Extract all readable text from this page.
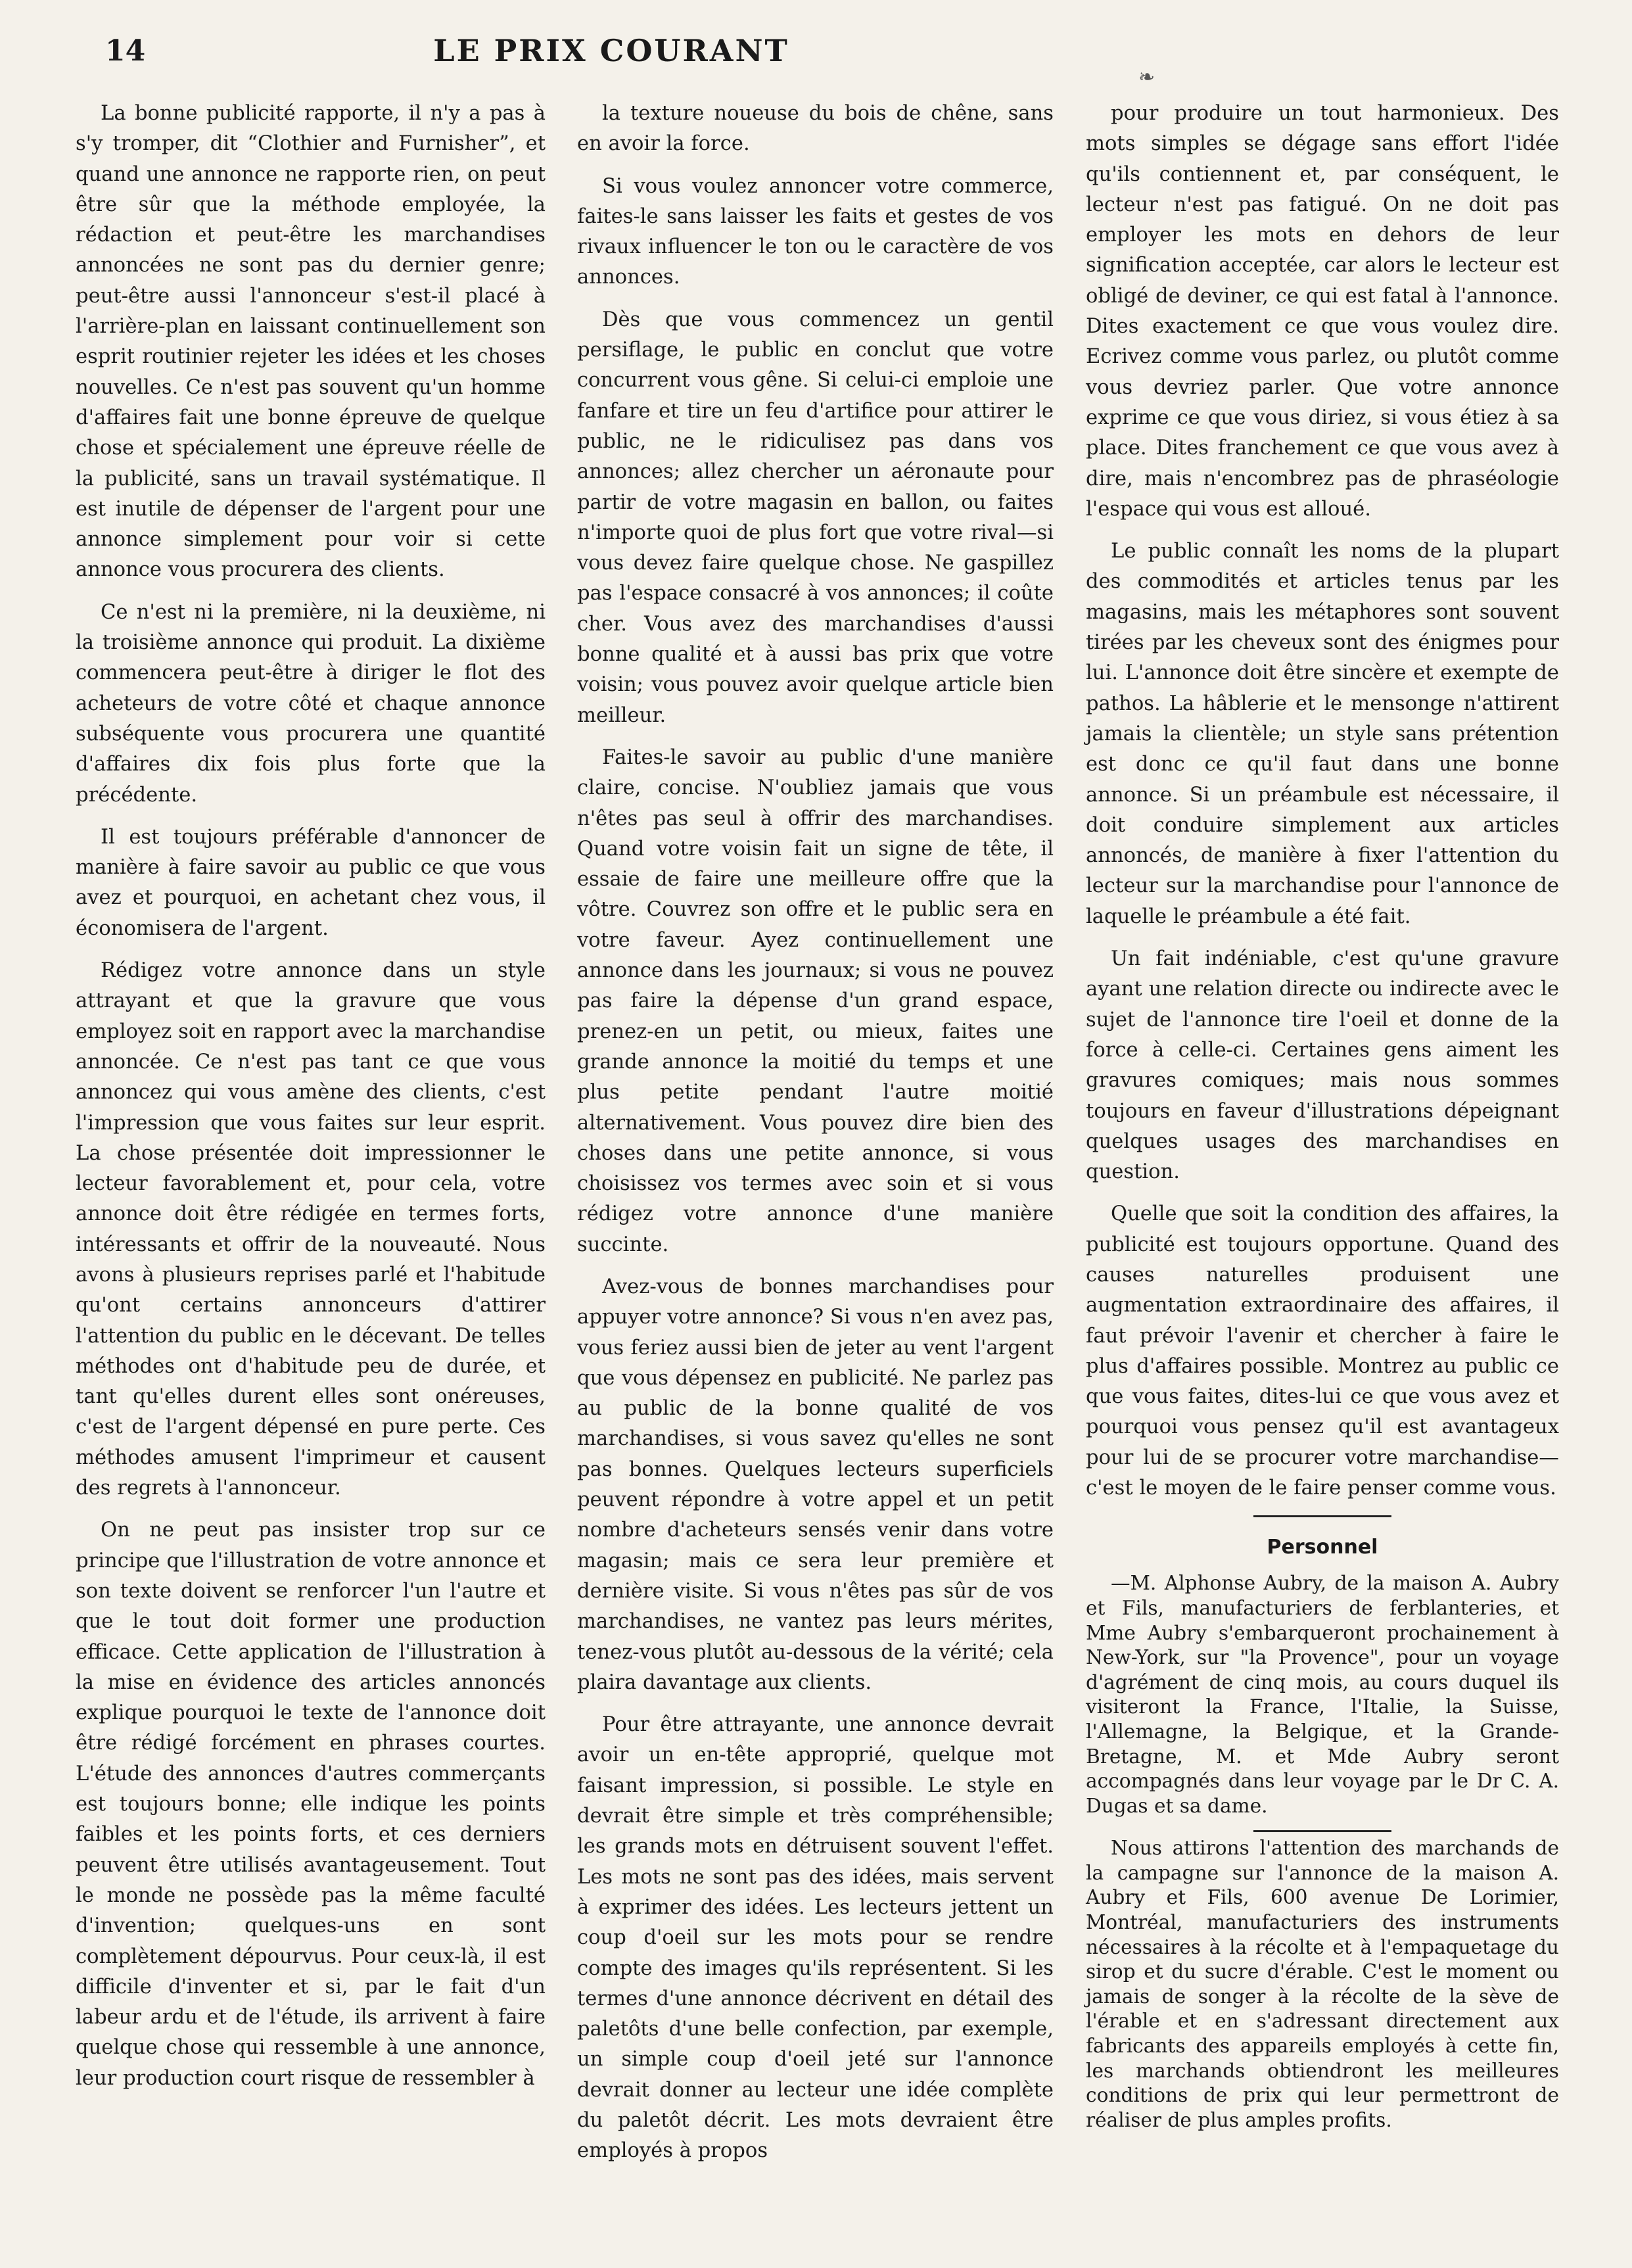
14	LE PRIX COURANT
❧

La bonne publicité rapporte, il n'y a pas à s'y tromper, dit “Clothier and Furnisher”, et quand une annonce ne rapporte rien, on peut être sûr que la méthode employée, la rédaction et peut-être les marchandises annoncées ne sont pas du dernier genre; peut-être aussi l'annonceur s'est-il placé à l'arrière-plan en laissant continuellement son esprit routinier rejeter les idées et les choses nouvelles. Ce n'est pas souvent qu'un homme d'affaires fait une bonne épreuve de quelque chose et spécialement une épreuve réelle de la publicité, sans un travail systématique. Il est inutile de dépenser de l'argent pour une annonce simplement pour voir si cette annonce vous procurera des clients.

Ce n'est ni la première, ni la deuxième, ni la troisième annonce qui produit. La dixième commencera peut-être à diriger le flot des acheteurs de votre côté et chaque annonce subséquente vous procurera une quantité d'affaires dix fois plus forte que la précédente.

Il est toujours préférable d'annoncer de manière à faire savoir au public ce que vous avez et pourquoi, en achetant chez vous, il économisera de l'argent.

Rédigez votre annonce dans un style attrayant et que la gravure que vous employez soit en rapport avec la marchandise annoncée. Ce n'est pas tant ce que vous annoncez qui vous amène des clients, c'est l'impression que vous faites sur leur esprit. La chose présentée doit impressionner le lecteur favorablement et, pour cela, votre annonce doit être rédigée en termes forts, intéressants et offrir de la nouveauté. Nous avons à plusieurs reprises parlé et l'habitude qu'ont certains annonceurs d'attirer l'attention du public en le décevant. De telles méthodes ont d'habitude peu de durée, et tant qu'elles durent elles sont onéreuses, c'est de l'argent dépensé en pure perte. Ces méthodes amusent l'imprimeur et causent des regrets à l'annonceur.

On ne peut pas insister trop sur ce principe que l'illustration de votre annonce et son texte doivent se renforcer l'un l'autre et que le tout doit former une production efficace. Cette application de l'illustration à la mise en évidence des articles annoncés explique pourquoi le texte de l'annonce doit être rédigé forcément en phrases courtes. L'étude des annonces d'autres commerçants est toujours bonne; elle indique les points faibles et les points forts, et ces derniers peuvent être utilisés avantageusement. Tout le monde ne possède pas la même faculté d'invention; quelques-uns en sont complètement dépourvus. Pour ceux-là, il est difficile d'inventer et si, par le fait d'un labeur ardu et de l'étude, ils arrivent à faire quelque chose qui ressemble à une annonce, leur production court risque de ressembler à

la texture noueuse du bois de chêne, sans en avoir la force.

Si vous voulez annoncer votre commerce, faites-le sans laisser les faits et gestes de vos rivaux influencer le ton ou le caractère de vos annonces.

Dès que vous commencez un gentil persiflage, le public en conclut que votre concurrent vous gêne. Si celui-ci emploie une fanfare et tire un feu d'artifice pour attirer le public, ne le ridiculisez pas dans vos annonces; allez chercher un aéronaute pour partir de votre magasin en ballon, ou faites n'importe quoi de plus fort que votre rival—si vous devez faire quelque chose. Ne gaspillez pas l'espace consacré à vos annonces; il coûte cher. Vous avez des marchandises d'aussi bonne qualité et à aussi bas prix que votre voisin; vous pouvez avoir quelque article bien meilleur.

Faites-le savoir au public d'une manière claire, concise. N'oubliez jamais que vous n'êtes pas seul à offrir des marchandises. Quand votre voisin fait un signe de tête, il essaie de faire une meilleure offre que la vôtre. Couvrez son offre et le public sera en votre faveur. Ayez continuellement une annonce dans les journaux; si vous ne pouvez pas faire la dépense d'un grand espace, prenez-en un petit, ou mieux, faites une grande annonce la moitié du temps et une plus petite pendant l'autre moitié alternativement. Vous pouvez dire bien des choses dans une petite annonce, si vous choisissez vos termes avec soin et si vous rédigez votre annonce d'une manière succinte.

Avez-vous de bonnes marchandises pour appuyer votre annonce? Si vous n'en avez pas, vous feriez aussi bien de jeter au vent l'argent que vous dépensez en publicité. Ne parlez pas au public de la bonne qualité de vos marchandises, si vous savez qu'elles ne sont pas bonnes. Quelques lecteurs superficiels peuvent répondre à votre appel et un petit nombre d'acheteurs sensés venir dans votre magasin; mais ce sera leur première et dernière visite. Si vous n'êtes pas sûr de vos marchandises, ne vantez pas leurs mérites, tenez-vous plutôt au-dessous de la vérité; cela plaira davantage aux clients.

Pour être attrayante, une annonce devrait avoir un en-tête approprié, quelque mot faisant impression, si possible. Le style en devrait être simple et très compréhensible; les grands mots en détruisent souvent l'effet. Les mots ne sont pas des idées, mais servent à exprimer des idées. Les lecteurs jettent un coup d'oeil sur les mots pour se rendre compte des images qu'ils représentent. Si les termes d'une annonce décrivent en détail des paletôts d'une belle confection, par exemple, un simple coup d'oeil jeté sur l'annonce devrait donner au lecteur une idée complète du paletôt décrit. Les mots devraient être employés à propos

pour produire un tout harmonieux. Des mots simples se dégage sans effort l'idée qu'ils contiennent et, par conséquent, le lecteur n'est pas fatigué. On ne doit pas employer les mots en dehors de leur signification acceptée, car alors le lecteur est obligé de deviner, ce qui est fatal à l'annonce. Dites exactement ce que vous voulez dire. Ecrivez comme vous parlez, ou plutôt comme vous devriez parler. Que votre annonce exprime ce que vous diriez, si vous étiez à sa place. Dites franchement ce que vous avez à dire, mais n'encombrez pas de phraséologie l'espace qui vous est alloué.

Le public connaît les noms de la plupart des commodités et articles tenus par les magasins, mais les métaphores sont souvent tirées par les cheveux sont des énigmes pour lui. L'annonce doit être sincère et exempte de pathos. La hâblerie et le mensonge n'attirent jamais la clientèle; un style sans prétention est donc ce qu'il faut dans une bonne annonce. Si un préambule est nécessaire, il doit conduire simplement aux articles annoncés, de manière à fixer l'attention du lecteur sur la marchandise pour l'annonce de laquelle le préambule a été fait.

Un fait indéniable, c'est qu'une gravure ayant une relation directe ou indirecte avec le sujet de l'annonce tire l'oeil et donne de la force à celle-ci. Certaines gens aiment les gravures comiques; mais nous sommes toujours en faveur d'illustrations dépeignant quelques usages des marchandises en question.

Quelle que soit la condition des affaires, la publicité est toujours opportune. Quand des causes naturelles produisent une augmentation extraordinaire des affaires, il faut prévoir l'avenir et chercher à faire le plus d'affaires possible. Montrez au public ce que vous faites, dites-lui ce que vous avez et pourquoi vous pensez qu'il est avantageux pour lui de se procurer votre marchandise—c'est le moyen de le faire penser comme vous.

Personnel

—M. Alphonse Aubry, de la maison A. Aubry et Fils, manufacturiers de ferblanteries, et Mme Aubry s'embarqueront prochainement à New-York, sur "la Provence", pour un voyage d'agrément de cinq mois, au cours duquel ils visiteront la France, l'Italie, la Suisse, l'Allemagne, la Belgique, et la Grande-Bretagne, M. et Mde Aubry seront accompagnés dans leur voyage par le Dr C. A. Dugas et sa dame.

Nous attirons l'attention des marchands de la campagne sur l'annonce de la maison A. Aubry et Fils, 600 avenue De Lorimier, Montréal, manufacturiers des instruments nécessaires à la récolte et à l'empaquetage du sirop et du sucre d'érable. C'est le moment ou jamais de songer à la récolte de la sève de l'érable et en s'adressant directement aux fabricants des appareils employés à cette fin, les marchands obtiendront les meilleures conditions de prix qui leur permettront de réaliser de plus amples profits.
